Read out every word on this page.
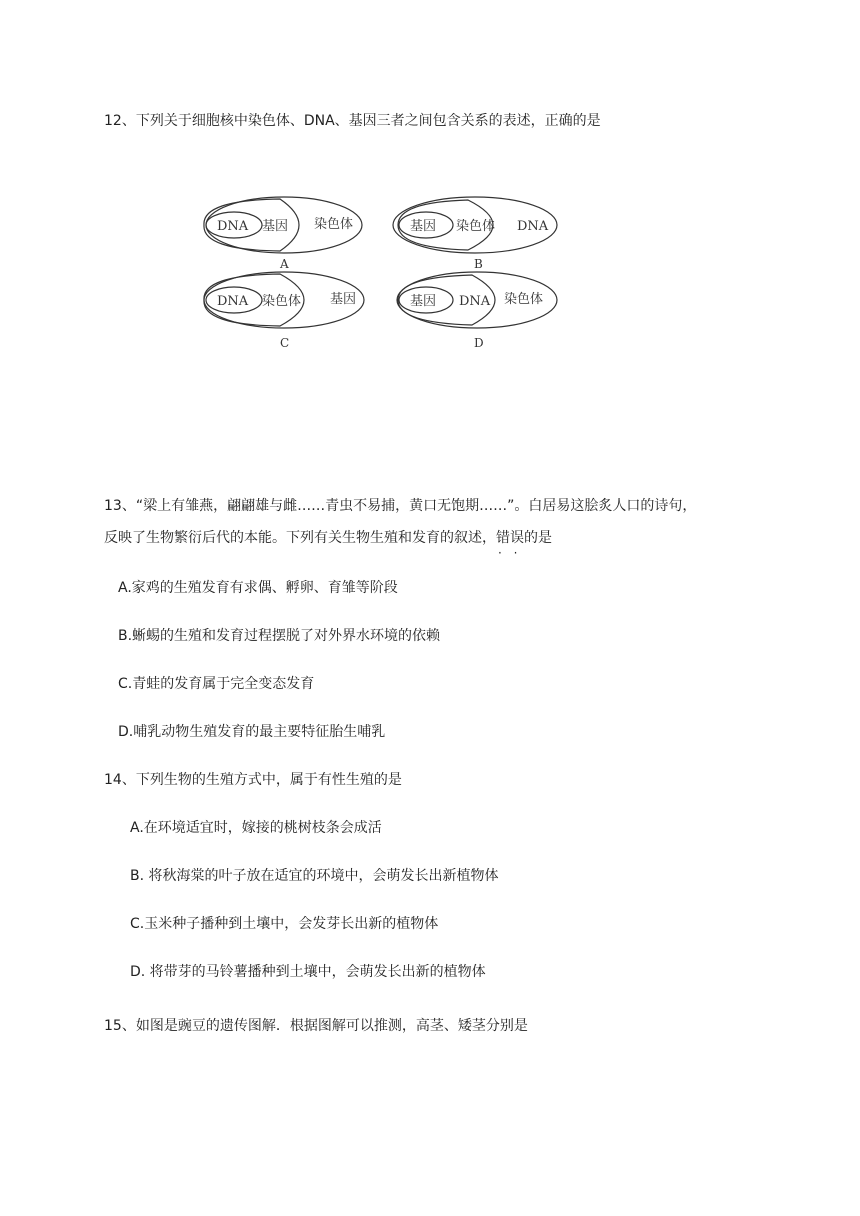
12、下列关于细胞核中染色体、DNA、基因三者之间包含关系的表述，正确的是
DNA 基因 染色体
A
基因 染色体 DNA
B
DNA 染色体 基因
C
基因 DNA 染色体
D
13、“梁上有雏燕，翩翩雄与雌……青虫不易捕，黄口无饱期……”。白居易这脍炙人口的诗句，
反映了生物繁衍后代的本能。下列有关生物生殖和发育的叙述，错误 · ·的是
A.家鸡的生殖发育有求偶、孵卵、育雏等阶段
B.蜥蜴的生殖和发育过程摆脱了对外界水环境的依赖
C.青蛙的发育属于完全变态发育
D.哺乳动物生殖发育的最主要特征胎生哺乳
14、下列生物的生殖方式中，属于有性生殖的是
A.在环境适宜时，嫁接的桃树枝条会成活
B. 将秋海棠的叶子放在适宜的环境中，会萌发长出新植物体
C.玉米种子播种到土壤中，会发芽长出新的植物体
D. 将带芽的马铃薯播种到土壤中，会萌发长出新的植物体
15、如图是豌豆的遗传图解．根据图解可以推测，高茎、矮茎分别是
